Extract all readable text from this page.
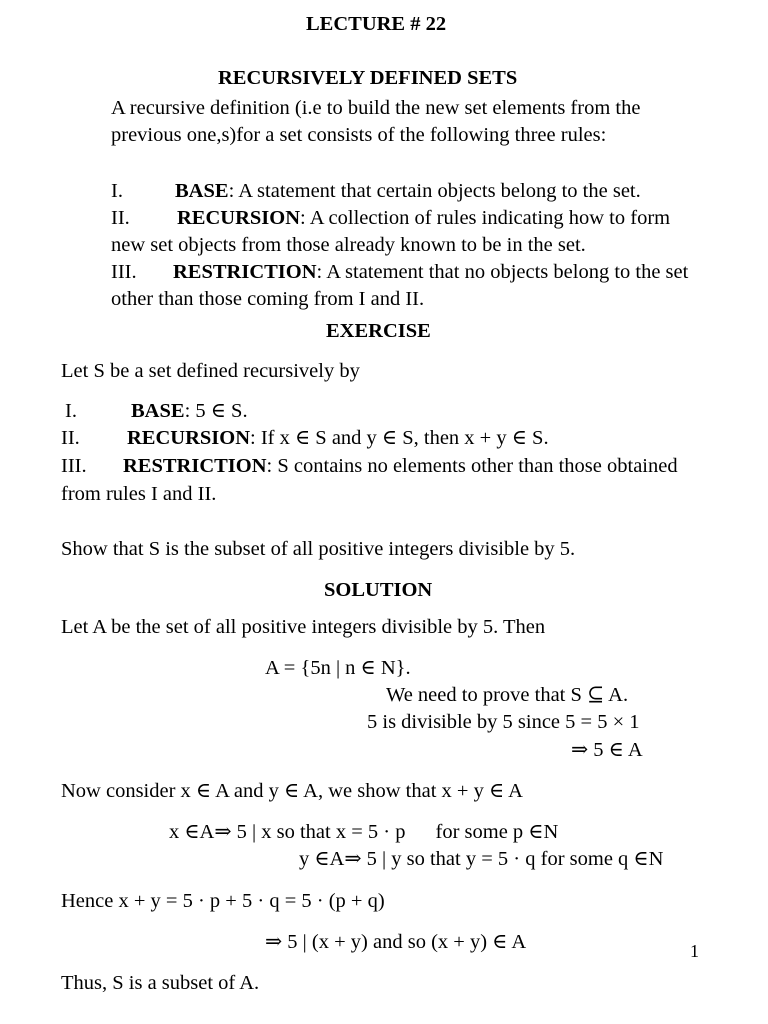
LECTURE # 22
RECURSIVELY DEFINED SETS
A recursive definition (i.e to build the new set elements from the
previous one,s)for a set consists of the following three rules:
I.	BASE: A statement that certain objects belong to the set.
II. RECURSION: A collection of rules indicating how to form
new set objects from those already known to be in the set.
III. RESTRICTION: A statement that no objects belong to the set
other than those coming from I and II.
EXERCISE
Let S be a set defined recursively by
I.	BASE: 5 ∈ S.
II. RECURSION: If x ∈ S and y ∈ S, then x + y ∈ S.
III. RESTRICTION: S contains no elements other than those obtained
from rules I and II.
Show that S is the subset of all positive integers divisible by 5.
SOLUTION
Let A be the set of all positive integers divisible by 5. Then
A = {5n | n ∈ N}.
We need to prove that S ⊆ A.
5 is divisible by 5 since 5 = 5 × 1
⇒ 5 ∈ A
Now consider x ∈ A and y ∈ A, we show that x + y ∈ A
x ∈A⇒ 5 | x so that x = 5 · p for some p ∈N
y ∈A⇒ 5 | y so that y = 5 · q for some q ∈N
Hence x + y = 5 · p + 5 · q = 5 · (p + q)
⇒ 5 | (x + y) and so (x + y) ∈ A	1
Thus, S is a subset of A.
